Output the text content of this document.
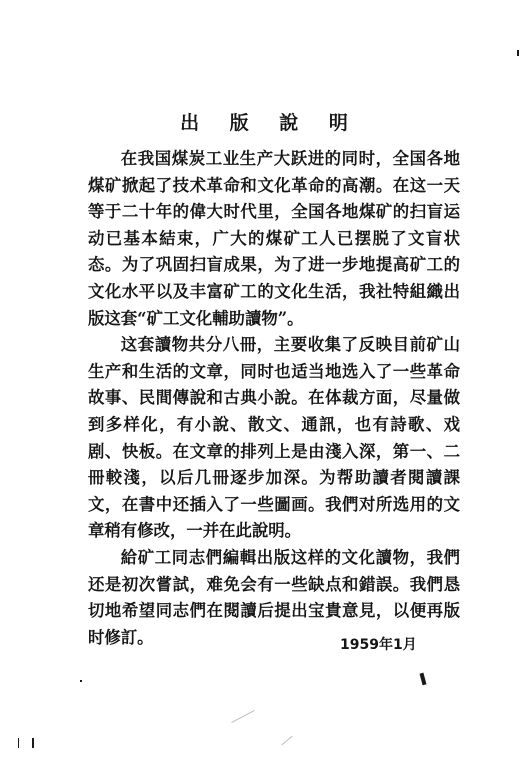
出 版 說 明

在我国煤炭工业生产大跃进的同时，全国各地煤矿掀起了技术革命和文化革命的高潮。在这一天等于二十年的偉大时代里，全国各地煤矿的扫盲运动已基本結束，广大的煤矿工人已摆脱了文盲状态。为了巩固扫盲成果，为了进一步地提高矿工的文化水平以及丰富矿工的文化生活，我社特組織出版这套“矿工文化輔助讀物”。

这套讀物共分八冊，主要收集了反映目前矿山生产和生活的文章，同时也适当地选入了一些革命故事、民間傳說和古典小說。在体裁方面，尽量做到多样化，有小說、散文、通訊，也有詩歌、戏剧、快板。在文章的排列上是由淺入深，第一、二冊較淺，以后几冊逐步加深。为帮助讀者閱讀課文，在書中还插入了一些圖画。我們对所选用的文章稍有修改，一并在此說明。

給矿工同志們編輯出版这样的文化讀物，我們还是初次嘗試，难免会有一些缺点和錯誤。我們恳切地希望同志們在閱讀后提出宝貴意見，以便再版时修訂。	1959年1月
